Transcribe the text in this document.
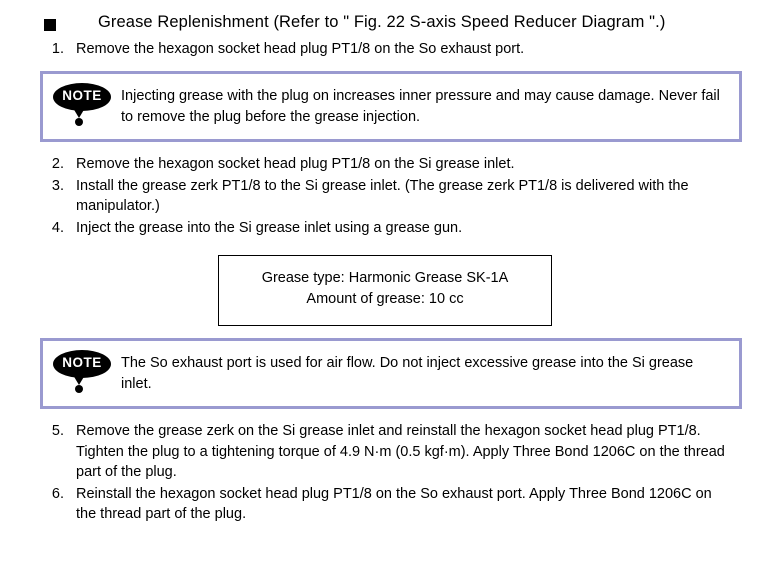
Grease Replenishment (Refer to " Fig. 22 S-axis Speed Reducer Diagram ".)
1. Remove the hexagon socket head plug PT1/8 on the So exhaust port.
NOTE	Injecting grease with the plug on increases inner pressure and may cause damage. Never fail to remove the plug before the grease injection.
2. Remove the hexagon socket head plug PT1/8 on the Si grease inlet.
3. Install the grease zerk PT1/8 to the Si grease inlet. (The grease zerk PT1/8 is delivered with the manipulator.)
4. Inject the grease into the Si grease inlet using a grease gun.
Grease type: Harmonic Grease SK-1A
Amount of grease: 10 cc
NOTE	The So exhaust port is used for air flow. Do not inject excessive grease into the Si grease inlet.
5. Remove the grease zerk on the Si grease inlet and reinstall the hexagon socket head plug PT1/8. Tighten the plug to a tightening torque of 4.9 N·m (0.5 kgf·m). Apply Three Bond 1206C on the thread part of the plug.
6. Reinstall the hexagon socket head plug PT1/8 on the So exhaust port. Apply Three Bond 1206C on the thread part of the plug.
